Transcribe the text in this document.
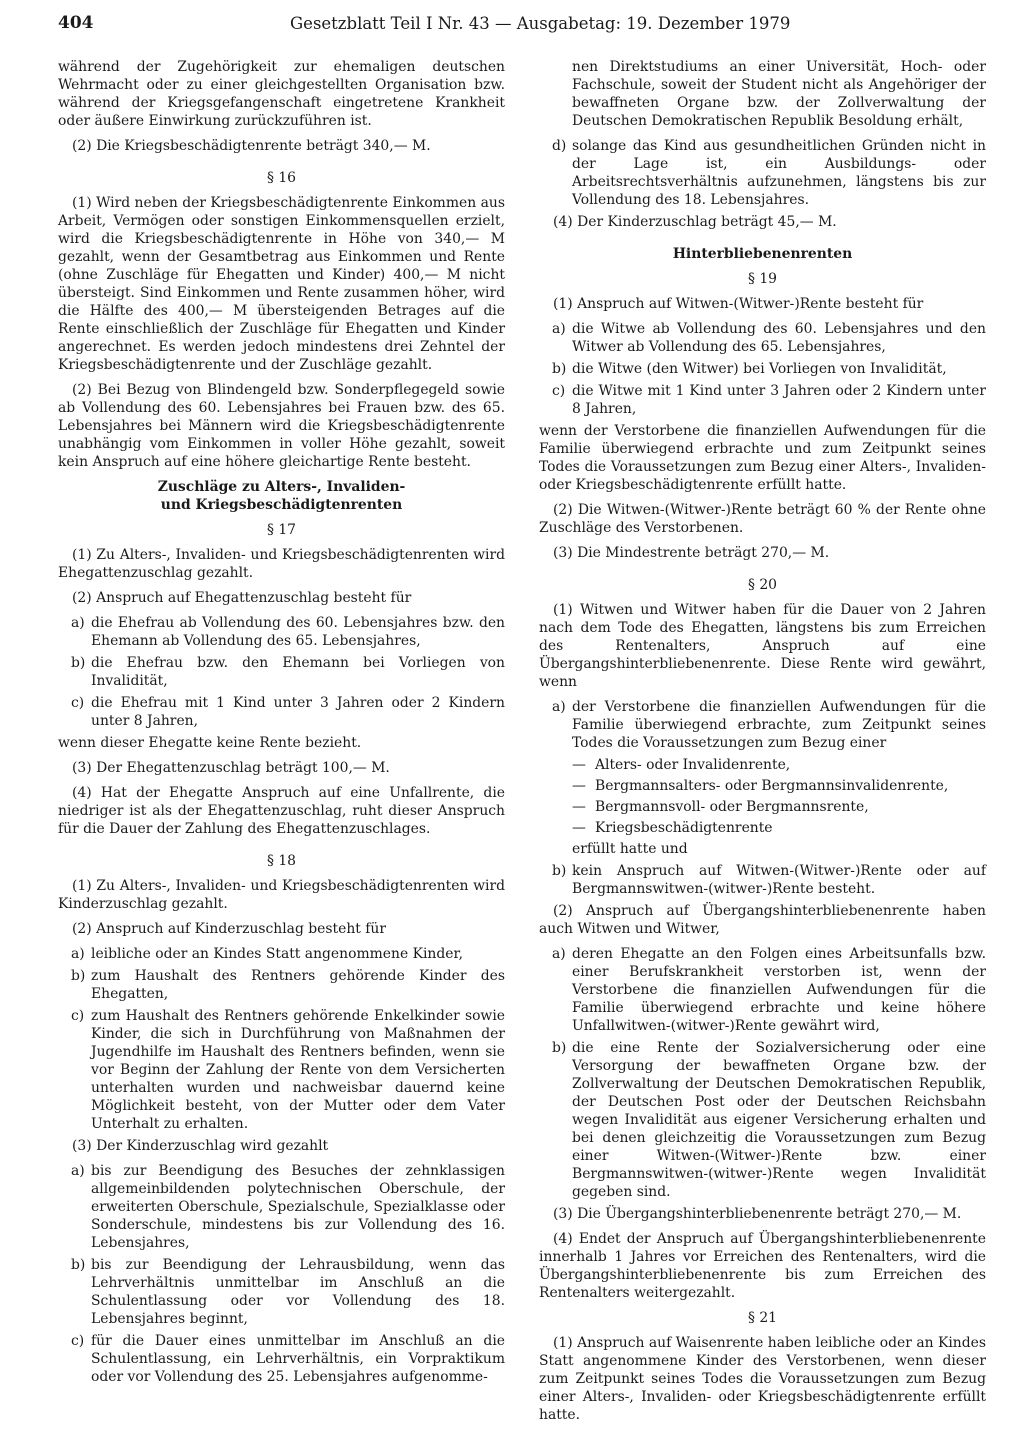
404	Gesetzblatt Teil I Nr. 43 — Ausgabetag: 19. Dezember 1979

während der Zugehörigkeit zur ehemaligen deutschen Wehrmacht oder zu einer gleichgestellten Organisation bzw. während der Kriegsgefangenschaft eingetretene Krankheit oder äußere Einwirkung zurückzuführen ist.

(2) Die Kriegsbeschädigtenrente beträgt 340,— M.

§ 16

(1) Wird neben der Kriegsbeschädigtenrente Einkommen aus Arbeit, Vermögen oder sonstigen Einkommensquellen erzielt, wird die Kriegsbeschädigtenrente in Höhe von 340,— M gezahlt, wenn der Gesamtbetrag aus Einkommen und Rente (ohne Zuschläge für Ehegatten und Kinder) 400,— M nicht übersteigt. Sind Einkommen und Rente zusammen höher, wird die Hälfte des 400,— M übersteigenden Betrages auf die Rente einschließlich der Zuschläge für Ehegatten und Kinder angerechnet. Es werden jedoch mindestens drei Zehntel der Kriegsbeschädigtenrente und der Zuschläge gezahlt.

(2) Bei Bezug von Blindengeld bzw. Sonderpflegegeld sowie ab Vollendung des 60. Lebensjahres bei Frauen bzw. des 65. Lebensjahres bei Männern wird die Kriegsbeschädigtenrente unabhängig vom Einkommen in voller Höhe gezahlt, soweit kein Anspruch auf eine höhere gleichartige Rente besteht.

Zuschläge zu Alters-, Invaliden- und Kriegsbeschädigtenrenten

§ 17

(1) Zu Alters-, Invaliden- und Kriegsbeschädigtenrenten wird Ehegattenzuschlag gezahlt.

(2) Anspruch auf Ehegattenzuschlag besteht für

a) die Ehefrau ab Vollendung des 60. Lebensjahres bzw. den Ehemann ab Vollendung des 65. Lebensjahres,
b) die Ehefrau bzw. den Ehemann bei Vorliegen von Invalidität,
c) die Ehefrau mit 1 Kind unter 3 Jahren oder 2 Kindern unter 8 Jahren,

wenn dieser Ehegatte keine Rente bezieht.

(3) Der Ehegattenzuschlag beträgt 100,— M.

(4) Hat der Ehegatte Anspruch auf eine Unfallrente, die niedriger ist als der Ehegattenzuschlag, ruht dieser Anspruch für die Dauer der Zahlung des Ehegattenzuschlages.

§ 18

(1) Zu Alters-, Invaliden- und Kriegsbeschädigtenrenten wird Kinderzuschlag gezahlt.

(2) Anspruch auf Kinderzuschlag besteht für

a) leibliche oder an Kindes Statt angenommene Kinder,
b) zum Haushalt des Rentners gehörende Kinder des Ehegatten,
c) zum Haushalt des Rentners gehörende Enkelkinder sowie Kinder, die sich in Durchführung von Maßnahmen der Jugendhilfe im Haushalt des Rentners befinden, wenn sie vor Beginn der Zahlung der Rente von dem Versicherten unterhalten wurden und nachweisbar dauernd keine Möglichkeit besteht, von der Mutter oder dem Vater Unterhalt zu erhalten.

(3) Der Kinderzuschlag wird gezahlt

a) bis zur Beendigung des Besuches der zehnklassigen allgemeinbildenden polytechnischen Oberschule, der erweiterten Oberschule, Spezialschule, Spezialklasse oder Sonderschule, mindestens bis zur Vollendung des 16. Lebensjahres,
b) bis zur Beendigung der Lehrausbildung, wenn das Lehrverhältnis unmittelbar im Anschluß an die Schulentlassung oder vor Vollendung des 18. Lebensjahres beginnt,
c) für die Dauer eines unmittelbar im Anschluß an die Schulentlassung, ein Lehrverhältnis, ein Vorpraktikum oder vor Vollendung des 25. Lebensjahres aufgenomme-

nen Direktstudiums an einer Universität, Hoch- oder Fachschule, soweit der Student nicht als Angehöriger der bewaffneten Organe bzw. der Zollverwaltung der Deutschen Demokratischen Republik Besoldung erhält,

d) solange das Kind aus gesundheitlichen Gründen nicht in der Lage ist, ein Ausbildungs- oder Arbeitsrechtsverhältnis aufzunehmen, längstens bis zur Vollendung des 18. Lebensjahres.

(4) Der Kinderzuschlag beträgt 45,— M.

Hinterbliebenenrenten

§ 19

(1) Anspruch auf Witwen-(Witwer-)Rente besteht für

a) die Witwe ab Vollendung des 60. Lebensjahres und den Witwer ab Vollendung des 65. Lebensjahres,
b) die Witwe (den Witwer) bei Vorliegen von Invalidität,
c) die Witwe mit 1 Kind unter 3 Jahren oder 2 Kindern unter 8 Jahren,

wenn der Verstorbene die finanziellen Aufwendungen für die Familie überwiegend erbrachte und zum Zeitpunkt seines Todes die Voraussetzungen zum Bezug einer Alters-, Invaliden- oder Kriegsbeschädigtenrente erfüllt hatte.

(2) Die Witwen-(Witwer-)Rente beträgt 60 % der Rente ohne Zuschläge des Verstorbenen.

(3) Die Mindestrente beträgt 270,— M.

§ 20

(1) Witwen und Witwer haben für die Dauer von 2 Jahren nach dem Tode des Ehegatten, längstens bis zum Erreichen des Rentenalters, Anspruch auf eine Übergangshinterbliebenenrente. Diese Rente wird gewährt, wenn

a) der Verstorbene die finanziellen Aufwendungen für die Familie überwiegend erbrachte, zum Zeitpunkt seines Todes die Voraussetzungen zum Bezug einer
— Alters- oder Invalidenrente,
— Bergmannsalters- oder Bergmannsinvalidenrente,
— Bergmannsvoll- oder Bergmannsrente,
— Kriegsbeschädigtenrente

erfüllt hatte und

b) kein Anspruch auf Witwen-(Witwer-)Rente oder auf Bergmannswitwen-(witwer-)Rente besteht.

(2) Anspruch auf Übergangshinterbliebenenrente haben auch Witwen und Witwer,

a) deren Ehegatte an den Folgen eines Arbeitsunfalls bzw. einer Berufskrankheit verstorben ist, wenn der Verstorbene die finanziellen Aufwendungen für die Familie überwiegend erbrachte und keine höhere Unfallwitwen-(witwer-)Rente gewährt wird,
b) die eine Rente der Sozialversicherung oder eine Versorgung der bewaffneten Organe bzw. der Zollverwaltung der Deutschen Demokratischen Republik, der Deutschen Post oder der Deutschen Reichsbahn wegen Invalidität aus eigener Versicherung erhalten und bei denen gleichzeitig die Voraussetzungen zum Bezug einer Witwen-(Witwer-)Rente bzw. einer Bergmannswitwen-(witwer-)Rente wegen Invalidität gegeben sind.

(3) Die Übergangshinterbliebenenrente beträgt 270,— M.

(4) Endet der Anspruch auf Übergangshinterbliebenenrente innerhalb 1 Jahres vor Erreichen des Rentenalters, wird die Übergangshinterbliebenenrente bis zum Erreichen des Rentenalters weitergezahlt.

§ 21

(1) Anspruch auf Waisenrente haben leibliche oder an Kindes Statt angenommene Kinder des Verstorbenen, wenn dieser zum Zeitpunkt seines Todes die Voraussetzungen zum Bezug einer Alters-, Invaliden- oder Kriegsbeschädigtenrente erfüllt hatte.
